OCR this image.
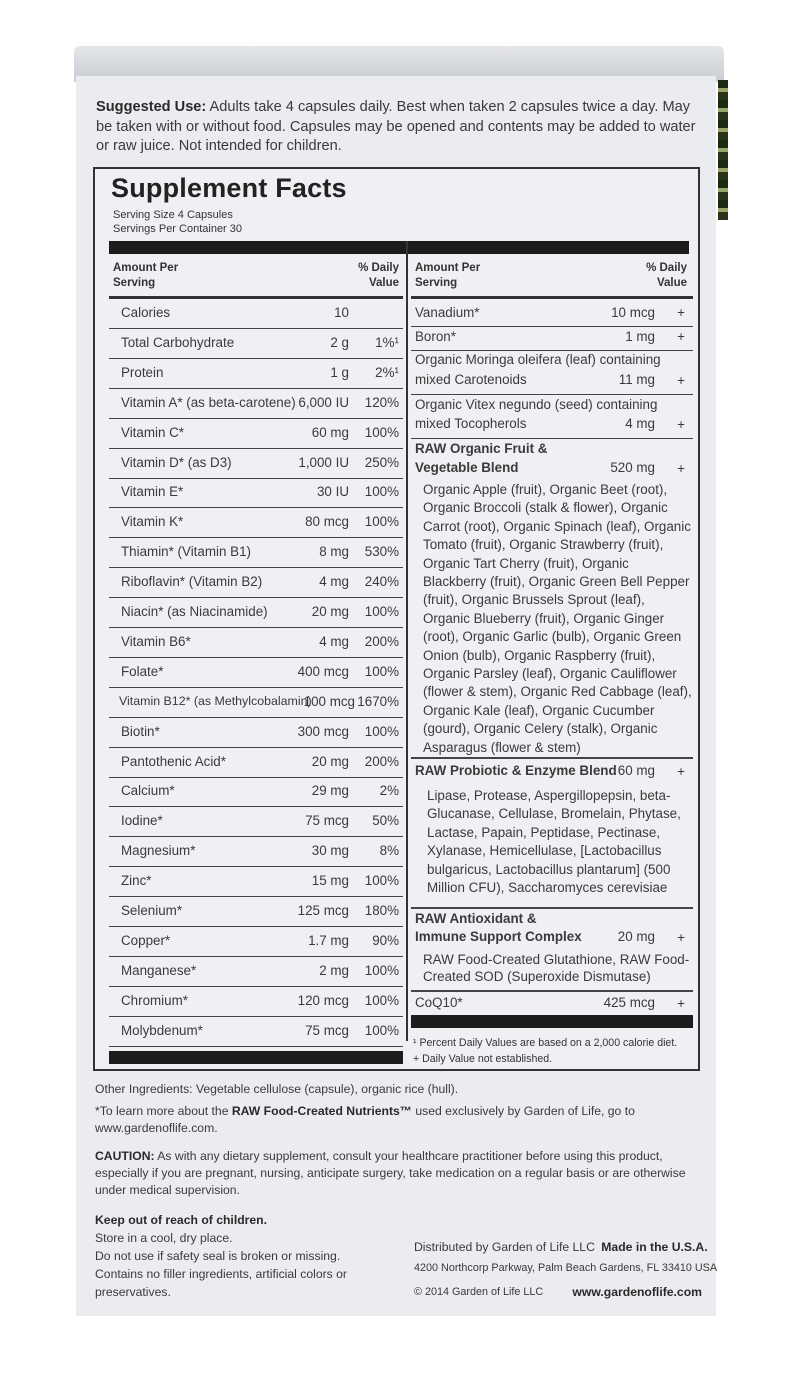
Suggested Use: Adults take 4 capsules daily. Best when taken 2 capsules twice a day. May be taken with or without food. Capsules may be opened and contents may be added to water or raw juice. Not intended for children.
Supplement Facts
Serving Size 4 Capsules
Servings Per Container 30
Amount Per Serving
% Daily Value
Calories	10
Total Carbohydrate	2 g 1%¹
Protein	1 g 2%¹
Vitamin A* (as beta-carotene) 6,000 IU 120%
Vitamin C*	60 mg 100%
Vitamin D* (as D3)	1,000 IU 250%
Vitamin E*	30 IU 100%
Vitamin K*	80 mcg 100%
Thiamin* (Vitamin B1)	8 mg 530%
Riboflavin* (Vitamin B2)	4 mg 240%
Niacin* (as Niacinamide)	20 mg 100%
Vitamin B6*	4 mg 200%
Folate*	400 mcg 100%
Vitamin B12* (as Methylcobalamin)
100 mcg 1670%
Biotin*	300 mcg 100%
Pantothenic Acid*	20 mg 200%
Calcium*	29 mg 2%
Iodine*	75 mcg 50%
Magnesium*	30 mg 8%
Zinc*	15 mg 100%
Selenium*	125 mcg 180%
Copper*	1.7 mg 90%
Manganese*	2 mg 100%
Chromium*	120 mcg 100%
Molybdenum*	75 mcg 100%
Amount Per Serving
% Daily Value
Vanadium*	10 mcg +
Boron*	1 mg +
Organic Moringa oleifera (leaf) containing
mixed Carotenoids	11 mg +
Organic Vitex negundo (seed) containing
mixed Tocopherols	4 mg +
RAW Organic Fruit &
Vegetable Blend	520 mg +
Organic Apple (fruit), Organic Beet (root), Organic Broccoli (stalk & flower), Organic Carrot (root), Organic Spinach (leaf), Organic Tomato (fruit), Organic Strawberry (fruit), Organic Tart Cherry (fruit), Organic Blackberry (fruit), Organic Green Bell Pepper (fruit), Organic Brussels Sprout (leaf), Organic Blueberry (fruit), Organic Ginger (root), Organic Garlic (bulb), Organic Green Onion (bulb), Organic Raspberry (fruit), Organic Parsley (leaf), Organic Cauliflower (flower & stem), Organic Red Cabbage (leaf), Organic Kale (leaf), Organic Cucumber (gourd), Organic Celery (stalk), Organic Asparagus (flower & stem)
RAW Probiotic & Enzyme Blend 60 mg +
Lipase, Protease, Aspergillopepsin, beta-Glucanase, Cellulase, Bromelain, Phytase, Lactase, Papain, Peptidase, Pectinase, Xylanase, Hemicellulase, [Lactobacillus bulgaricus, Lactobacillus plantarum] (500 Million CFU), Saccharomyces cerevisiae
RAW Antioxidant &
Immune Support Complex	20 mg +
RAW Food-Created Glutathione, RAW Food-Created SOD (Superoxide Dismutase)
CoQ10*	425 mcg +
¹ Percent Daily Values are based on a 2,000 calorie diet.
+ Daily Value not established.
Other Ingredients: Vegetable cellulose (capsule), organic rice (hull).
*To learn more about the RAW Food-Created Nutrients™ used exclusively by Garden of Life, go to www.gardenoflife.com.
CAUTION: As with any dietary supplement, consult your healthcare practitioner before using this product, especially if you are pregnant, nursing, anticipate surgery, take medication on a regular basis or are otherwise under medical supervision.
Keep out of reach of children.
Store in a cool, dry place.
Do not use if safety seal is broken or missing.
Contains no filler ingredients, artificial colors or
preservatives.
Distributed by Garden of Life LLC Made in the U.S.A.
4200 Northcorp Parkway, Palm Beach Gardens, FL 33410 USA
© 2014 Garden of Life LLC www.gardenoflife.com
